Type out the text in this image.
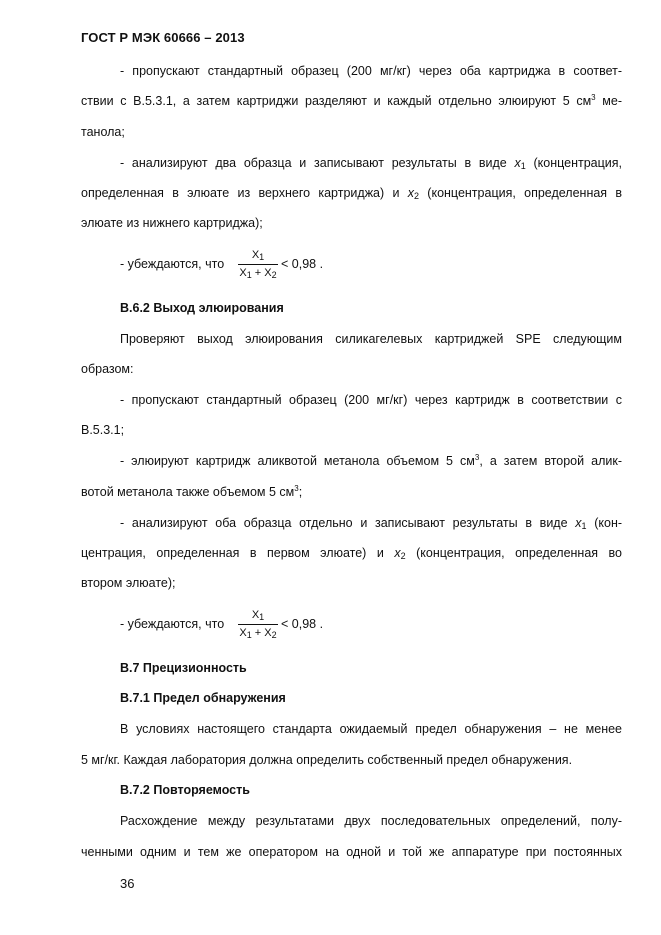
ГОСТ Р МЭК 60666 – 2013
- пропускают стандартный образец (200 мг/кг) через оба картриджа в соответ-
ствии с В.5.3.1, а затем картриджи разделяют и каждый отдельно элюируют 5 $см^3$ ме-
танола;
- анализируют два образца и записывают результаты в виде $x_1$ (концентрация,
определенная в элюате из верхнего картриджа) и $x_2$ (концентрация, определенная в
элюате из нижнего картриджа);
- убеждаются, что
$X_1$
$X_1 + X_2$
< 0,98 .
В.6.2 Выход элюирования
Проверяют выход элюирования силикагелевых картриджей SPE следующим
образом:
- пропускают стандартный образец (200 мг/кг) через картридж в соответствии с
В.5.3.1;
- элюируют картридж аликвотой метанола объемом 5 $см^3$, а затем второй алик-
вотой метанола также объемом 5 $см^3$;
- анализируют оба образца отдельно и записывают результаты в виде $x_1$ (кон-
центрация, определенная в первом элюате) и $x_2$ (концентрация, определенная во
втором элюате);
- убеждаются, что
$X_1$
$X_1 + X_2$
< 0,98 .
В.7 Прецизионность
В.7.1 Предел обнаружения
В условиях настоящего стандарта ожидаемый предел обнаружения – не менее
5 мг/кг. Каждая лаборатория должна определить собственный предел обнаружения.
В.7.2 Повторяемость
Расхождение между результатами двух последовательных определений, полу-
ченными одним и тем же оператором на одной и той же аппаратуре при постоянных
36
